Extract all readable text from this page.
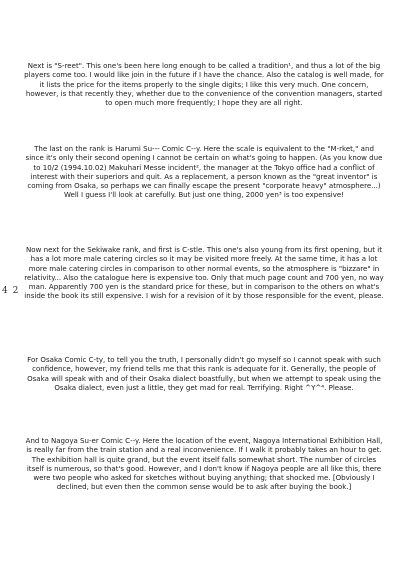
4 2

Next is "S-reet". This one's been here long enough to be called a tradition¹, and thus a lot of the big players come too. I would like join in the future if I have the chance. Also the catalog is well made, for it lists the price for the items properly to the single digits; I like this very much. One concern, however, is that recently they, whether due to the convenience of the convention managers, started to open much more frequently; I hope they are all right.

The last on the rank is Harumi Su--- Comic C--y. Here the scale is equivalent to the "M-rket," and since it's only their second opening I cannot be certain on what's going to happen. (As you know due to 10/2 (1994.10.02) Makuhari Messe incident², the manager at the Tokyo office had a conflict of interest with their superiors and quit. As a replacement, a person known as the "great inventor" is coming from Osaka, so perhaps we can finally escape the present "corporate heavy" atmosphere...) Well I guess I'll look at carefully. But just one thing, 2000 yen³ is too expensive!

Now next for the Sekiwake rank, and first is C-stle. This one's also young from its first opening, but it has a lot more male catering circles so it may be visited more freely. At the same time, it has a lot more male catering circles in comparison to other normal events, so the atmosphere is "bizzare" in relativity... Also the catalogue here is expensive too. Only that much page count and 700 yen, no way man. Apparently 700 yen is the standard price for these, but in comparison to the others on what's inside the book its still expensive. I wish for a revision of it by those responsible for the event, please.

For Osaka Comic C-ty, to tell you the truth, I personally didn't go myself so I cannot speak with such confidence, however, my friend tells me that this rank is adequate for it. Generally, the people of Osaka will speak with and of their Osaka dialect boastfully, but when we attempt to speak using the Osaka dialect, even just a little, they get mad for real. Terrifying. Right ^Y^⁴. Please.

And to Nagoya Su-er Comic C--y. Here the location of the event, Nagoya International Exhibition Hall, is really far from the train station and a real inconvenience. If I walk it probably takes an hour to get. The exhibition hall is quite grand, but the event itself falls somewhat short. The number of circles itself is numerous, so that's good. However, and I don't know if Nagoya people are all like this, there were two people who asked for sketches without buying anything; that shocked me. [Obviously I declined, but even then the common sense would be to ask after buying the book.]
